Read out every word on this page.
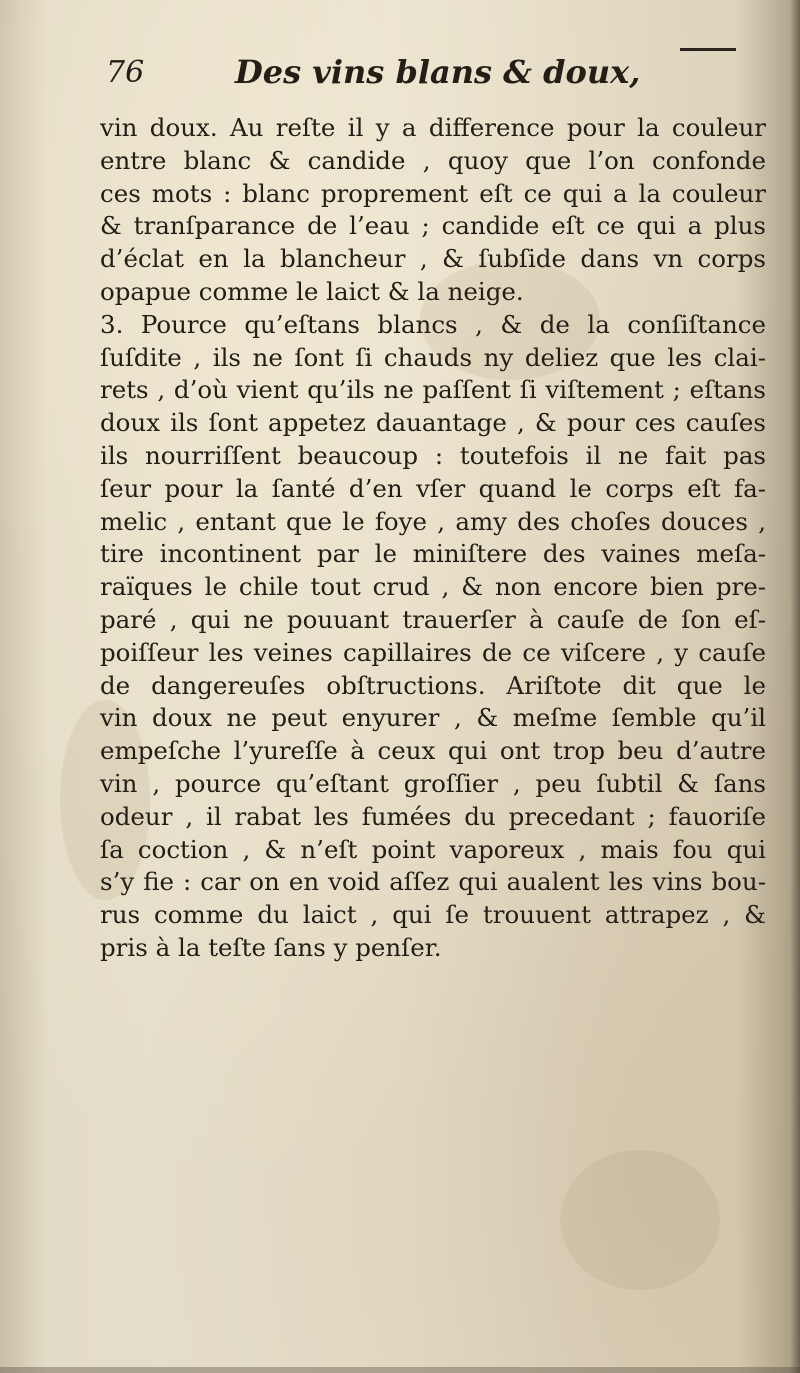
76	Des vins blans & doux,
vin doux. Au reſte il y a difference pour la couleur
entre blanc & candide , quoy que l’on confonde
ces mots : blanc proprement eſt ce qui a la couleur
& tranſparance de l’eau ; candide eſt ce qui a plus
d’éclat en la blancheur , & ſubſide dans vn corps
opapue comme le laict & la neige.
3. Pource qu’eſtans blancs , & de la conſiſtance
ſuſdite , ils ne ſont ſi chauds ny deliez que les clai-
rets , d’où vient qu’ils ne paſſent ſi viſtement ; eſtans
doux ils ſont appetez dauantage , & pour ces cauſes
ils nourriſſent beaucoup : toutefois il ne fait pas
ſeur pour la ſanté d’en vſer quand le corps eſt fa-
melic , entant que le foye , amy des choſes douces ,
tire incontinent par le miniſtere des vaines meſa-
raïques le chile tout crud , & non encore bien pre-
paré , qui ne pouuant trauerſer à cauſe de ſon eſ-
poiſſeur les veines capillaires de ce viſcere , y cauſe
de dangereuſes obſtructions. Ariſtote dit que le
vin doux ne peut enyurer , & meſme ſemble qu’il
empeſche l’yureſſe à ceux qui ont trop beu d’autre
vin , pource qu’eſtant groſſier , peu ſubtil & ſans
odeur , il rabat les fumées du precedant ; fauoriſe
ſa coction , & n’eſt point vaporeux , mais fou qui
s’y fie : car on en void aſſez qui aualent les vins bou-
rus comme du laict , qui ſe trouuent attrapez , &
pris à la teſte ſans y penſer.
